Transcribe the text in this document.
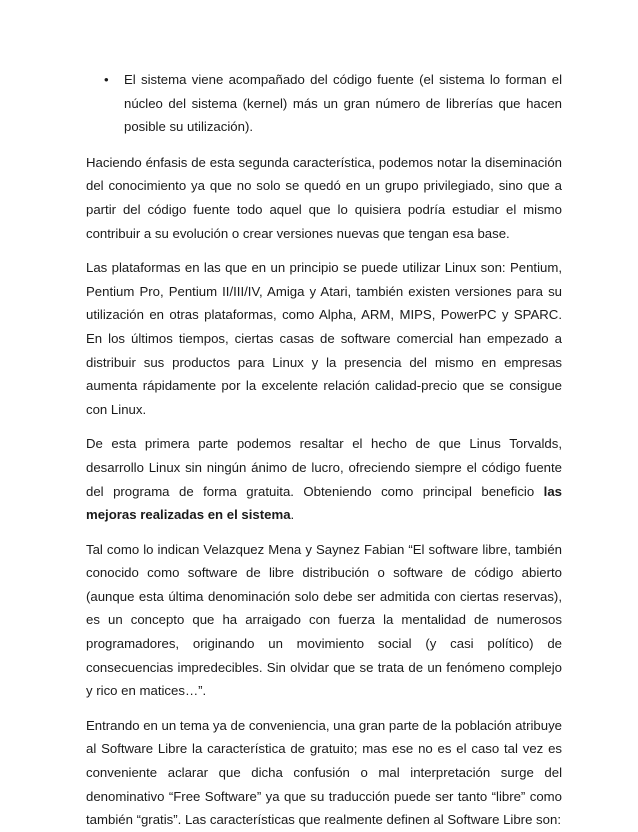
•	El sistema viene acompañado del código fuente (el sistema lo forman el núcleo del sistema (kernel) más un gran número de librerías que hacen posible su utilización).

Haciendo énfasis de esta segunda característica, podemos notar la diseminación del conocimiento ya que no solo se quedó en un grupo privilegiado, sino que a partir del código fuente todo aquel que lo quisiera podría estudiar el mismo contribuir a su evolución o crear versiones nuevas que tengan esa base.

Las plataformas en las que en un principio se puede utilizar Linux son: Pentium, Pentium Pro, Pentium II/III/IV, Amiga y Atari, también existen versiones para su utilización en otras plataformas, como Alpha, ARM, MIPS, PowerPC y SPARC. En los últimos tiempos, ciertas casas de software comercial han empezado a distribuir sus productos para Linux y la presencia del mismo en empresas aumenta rápidamente por la excelente relación calidad-precio que se consigue con Linux.

De esta primera parte podemos resaltar el hecho de que Linus Torvalds, desarrollo Linux sin ningún ánimo de lucro, ofreciendo siempre el código fuente del programa de forma gratuita. Obteniendo como principal beneficio las mejoras realizadas en el sistema.

Tal como lo indican Velazquez Mena y Saynez Fabian “El software libre, también conocido como software de libre distribución o software de código abierto (aunque esta última denominación solo debe ser admitida con ciertas reservas), es un concepto que ha arraigado con fuerza la mentalidad de numerosos programadores, originando un movimiento social (y casi político) de consecuencias impredecibles. Sin olvidar que se trata de un fenómeno complejo y rico en matices…”.

Entrando en un tema ya de conveniencia, una gran parte de la población atribuye al Software Libre la característica de gratuito; mas ese no es el caso tal vez es conveniente aclarar que dicha confusión o mal interpretación surge del denominativo “Free Software” ya que su traducción puede ser tanto “libre” como también “gratis”. Las características que realmente definen al Software Libre son:
